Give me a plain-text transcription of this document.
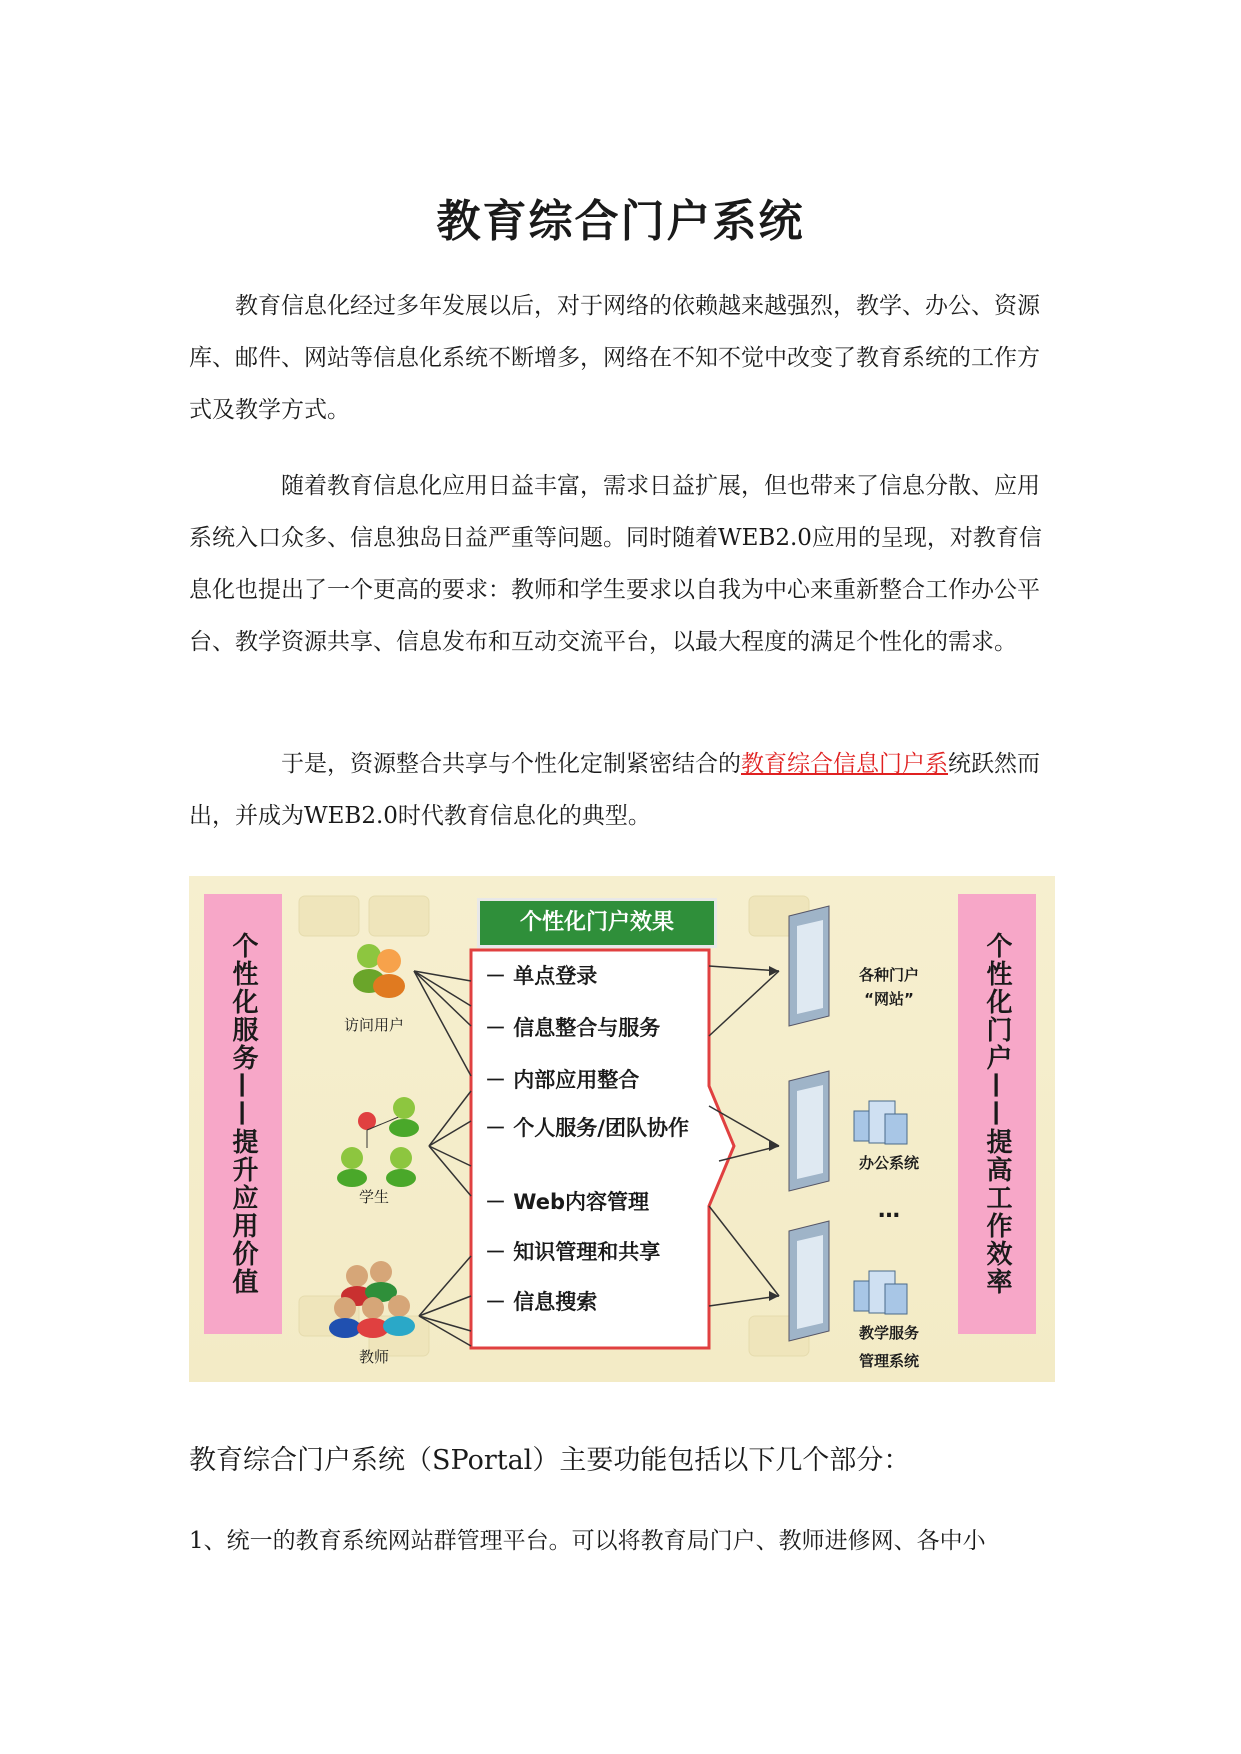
教育综合门户系统

教育信息化经过多年发展以后，对于网络的依赖越来越强烈，教学、办公、资源库、邮件、网站等信息化系统不断增多，网络在不知不觉中改变了教育系统的工作方式及教学方式。

随着教育信息化应用日益丰富，需求日益扩展，但也带来了信息分散、应用系统入口众多、信息独岛日益严重等问题。同时随着WEB2.0应用的呈现，对教育信息化也提出了一个更高的要求：教师和学生要求以自我为中心来重新整合工作办公平台、教学资源共享、信息发布和互动交流平台，以最大程度的满足个性化的需求。

于是，资源整合共享与个性化定制紧密结合的教育综合信息门户系统跃然而出，并成为WEB2.0时代教育信息化的典型。

个性化服务——提升应用价值	个性化门户——提高工作效率
个性化门户效果
－ 单点登录
－ 信息整合与服务
－ 内部应用整合
－ 个人服务/团队协作
－ Web内容管理
－ 知识管理和共享
－ 信息搜索
访问用户
学生
教师
各种门户
“网站”
办公系统
…
教学服务
管理系统
教育综合门户系统（SPortal）主要功能包括以下几个部分：

1、统一的教育系统网站群管理平台。可以将教育局门户、教师进修网、各中小
